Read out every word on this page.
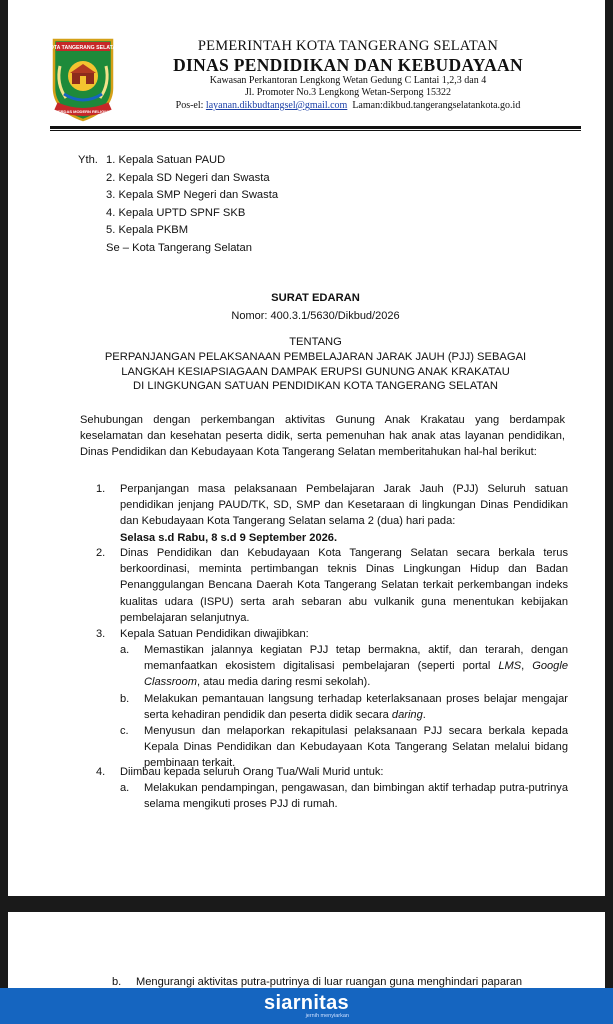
KOTA TANGERANG SELATAN
CERDAS MODERN RELIGIUS
PEMERINTAH KOTA TANGERANG SELATAN
DINAS PENDIDIKAN DAN KEBUDAYAAN
Kawasan Perkantoran Lengkong Wetan Gedung C Lantai 1,2,3 dan 4
Jl. Promoter No.3 Lengkong Wetan-Serpong 15322
Pos-el: layanan.dikbudtangsel@gmail.com Laman:dikbud.tangerangselatankota.go.id
Yth. 1. Kepala Satuan PAUD
2. Kepala SD Negeri dan Swasta
3. Kepala SMP Negeri dan Swasta
4. Kepala UPTD SPNF SKB
5. Kepala PKBM
Se – Kota Tangerang Selatan
SURAT EDARAN
Nomor: 400.3.1/5630/Dikbud/2026
TENTANG
PERPANJANGAN PELAKSANAAN PEMBELAJARAN JARAK JAUH (PJJ) SEBAGAI
LANGKAH KESIAPSIAGAAN DAMPAK ERUPSI GUNUNG ANAK KRAKATAU
DI LINGKUNGAN SATUAN PENDIDIKAN KOTA TANGERANG SELATAN
Sehubungan dengan perkembangan aktivitas Gunung Anak Krakatau yang berdampak keselamatan dan kesehatan peserta didik, serta pemenuhan hak anak atas layanan pendidikan, Dinas Pendidikan dan Kebudayaan Kota Tangerang Selatan memberitahukan hal-hal berikut:
1. Perpanjangan masa pelaksanaan Pembelajaran Jarak Jauh (PJJ) Seluruh satuan pendidikan jenjang PAUD/TK, SD, SMP dan Kesetaraan di lingkungan Dinas Pendidikan dan Kebudayaan Kota Tangerang Selatan selama 2 (dua) hari pada:
Selasa s.d Rabu, 8 s.d 9 September 2026.
2. Dinas Pendidikan dan Kebudayaan Kota Tangerang Selatan secara berkala terus berkoordinasi, meminta pertimbangan teknis Dinas Lingkungan Hidup dan Badan Penanggulangan Bencana Daerah Kota Tangerang Selatan terkait perkembangan indeks kualitas udara (ISPU) serta arah sebaran abu vulkanik guna menentukan kebijakan pembelajaran selanjutnya.
3. Kepala Satuan Pendidikan diwajibkan:
a. Memastikan jalannya kegiatan PJJ tetap bermakna, aktif, dan terarah, dengan memanfaatkan ekosistem digitalisasi pembelajaran (seperti portal LMS, Google Classroom, atau media daring resmi sekolah).
b. Melakukan pemantauan langsung terhadap keterlaksanaan proses belajar mengajar serta kehadiran pendidik dan peserta didik secara daring.
c. Menyusun dan melaporkan rekapitulasi pelaksanaan PJJ secara berkala kepada Kepala Dinas Pendidikan dan Kebudayaan Kota Tangerang Selatan melalui bidang pembinaan terkait.
4. Diimbau kepada seluruh Orang Tua/Wali Murid untuk:
a. Melakukan pendampingan, pengawasan, dan bimbingan aktif terhadap putra-putrinya selama mengikuti proses PJJ di rumah.
b. Mengurangi aktivitas putra-putrinya di luar ruangan guna menghindari paparan
siarnitas
jernih menyiarkan
